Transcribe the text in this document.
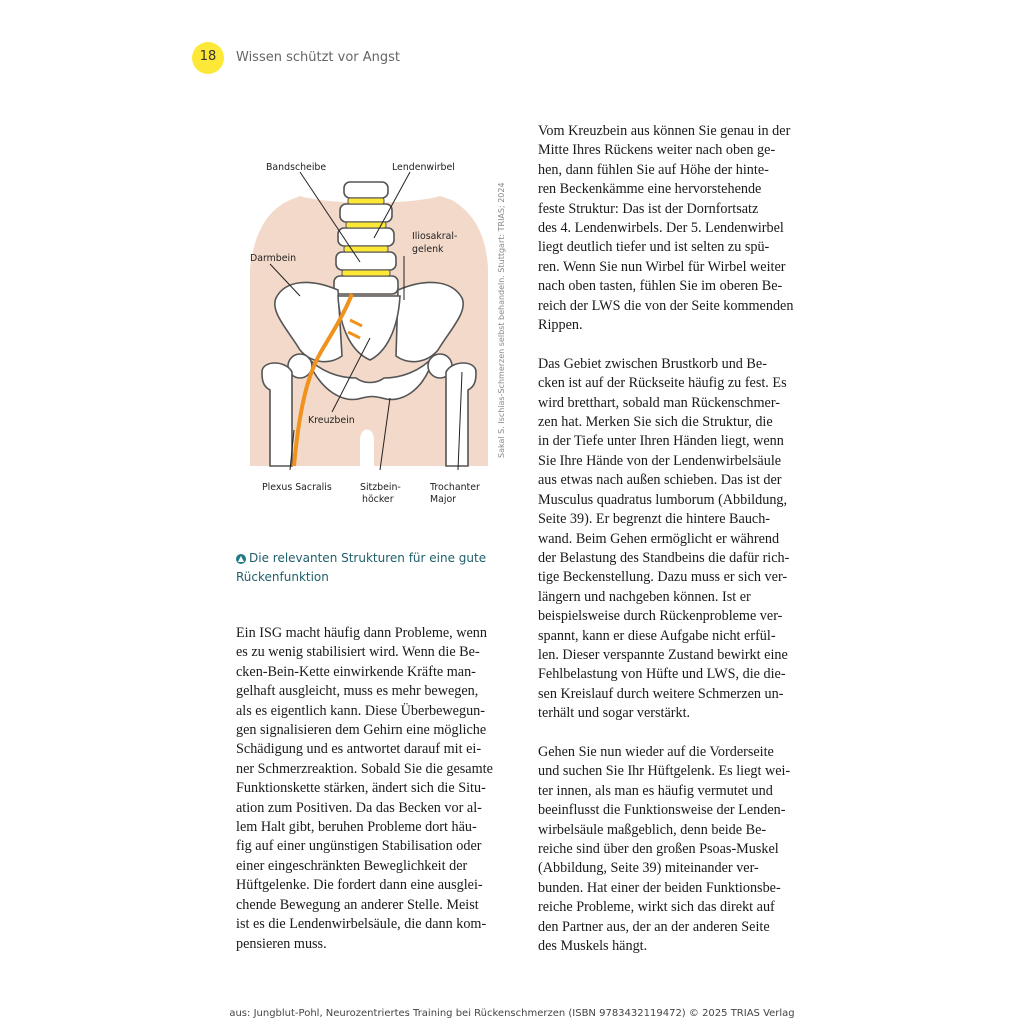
18	Wissen schützt vor Angst
Bandscheibe	Lendenwirbel
Iliosakral-
gelenk
Darmbein
Kreuzbein
Plexus Sacralis	Sitzbein-
höcker
Trochanter
Major
Sakal S. Ischias-Schmerzen selbst behandeln. Stuttgart: TRIAS; 2024
▲ Die relevanten Strukturen für eine gute
Rückenfunktion

Ein ISG macht häufig dann Probleme, wenn
es zu wenig stabilisiert wird. Wenn die Be-
cken-Bein-Kette einwirkende Kräfte man-
gelhaft ausgleicht, muss es mehr bewegen,
als es eigentlich kann. Diese Überbewegun-
gen signalisieren dem Gehirn eine mögliche
Schädigung und es antwortet darauf mit ei-
ner Schmerzreaktion. Sobald Sie die gesamte
Funktionskette stärken, ändert sich die Situ-
ation zum Positiven. Da das Becken vor al-
lem Halt gibt, beruhen Probleme dort häu-
fig auf einer ungünstigen Stabilisation oder
einer eingeschränkten Beweglichkeit der
Hüftgelenke. Die fordert dann eine ausglei-
chende Bewegung an anderer Stelle. Meist
ist es die Lendenwirbelsäule, die dann kom-
pensieren muss.

Vom Kreuzbein aus können Sie genau in der
Mitte Ihres Rückens weiter nach oben ge-
hen, dann fühlen Sie auf Höhe der hinte-
ren Beckenkämme eine hervorstehende
feste Struktur: Das ist der Dornfortsatz
des 4. Lendenwirbels. Der 5. Lendenwirbel
liegt deutlich tiefer und ist selten zu spü-
ren. Wenn Sie nun Wirbel für Wirbel weiter
nach oben tasten, fühlen Sie im oberen Be-
reich der LWS die von der Seite kommenden
Rippen.

Das Gebiet zwischen Brustkorb und Be-
cken ist auf der Rückseite häufig zu fest. Es
wird bretthart, sobald man Rückenschmer-
zen hat. Merken Sie sich die Struktur, die
in der Tiefe unter Ihren Händen liegt, wenn
Sie Ihre Hände von der Lendenwirbelsäule
aus etwas nach außen schieben. Das ist der
Musculus quadratus lumborum (Abbildung,
Seite 39). Er begrenzt die hintere Bauch-
wand. Beim Gehen ermöglicht er während
der Belastung des Standbeins die dafür rich-
tige Beckenstellung. Dazu muss er sich ver-
längern und nachgeben können. Ist er
beispielsweise durch Rückenprobleme ver-
spannt, kann er diese Aufgabe nicht erfül-
len. Dieser verspannte Zustand bewirkt eine
Fehlbelastung von Hüfte und LWS, die die-
sen Kreislauf durch weitere Schmerzen un-
terhält und sogar verstärkt.

Gehen Sie nun wieder auf die Vorderseite
und suchen Sie Ihr Hüftgelenk. Es liegt wei-
ter innen, als man es häufig vermutet und
beeinflusst die Funktionsweise der Lenden-
wirbelsäule maßgeblich, denn beide Be-
reiche sind über den großen Psoas-Muskel
(Abbildung, Seite 39) miteinander ver-
bunden. Hat einer der beiden Funktionsbe-
reiche Probleme, wirkt sich das direkt auf
den Partner aus, der an der anderen Seite
des Muskels hängt.

aus: Jungblut-Pohl, Neurozentriertes Training bei Rückenschmerzen (ISBN 9783432119472) © 2025 TRIAS Verlag
